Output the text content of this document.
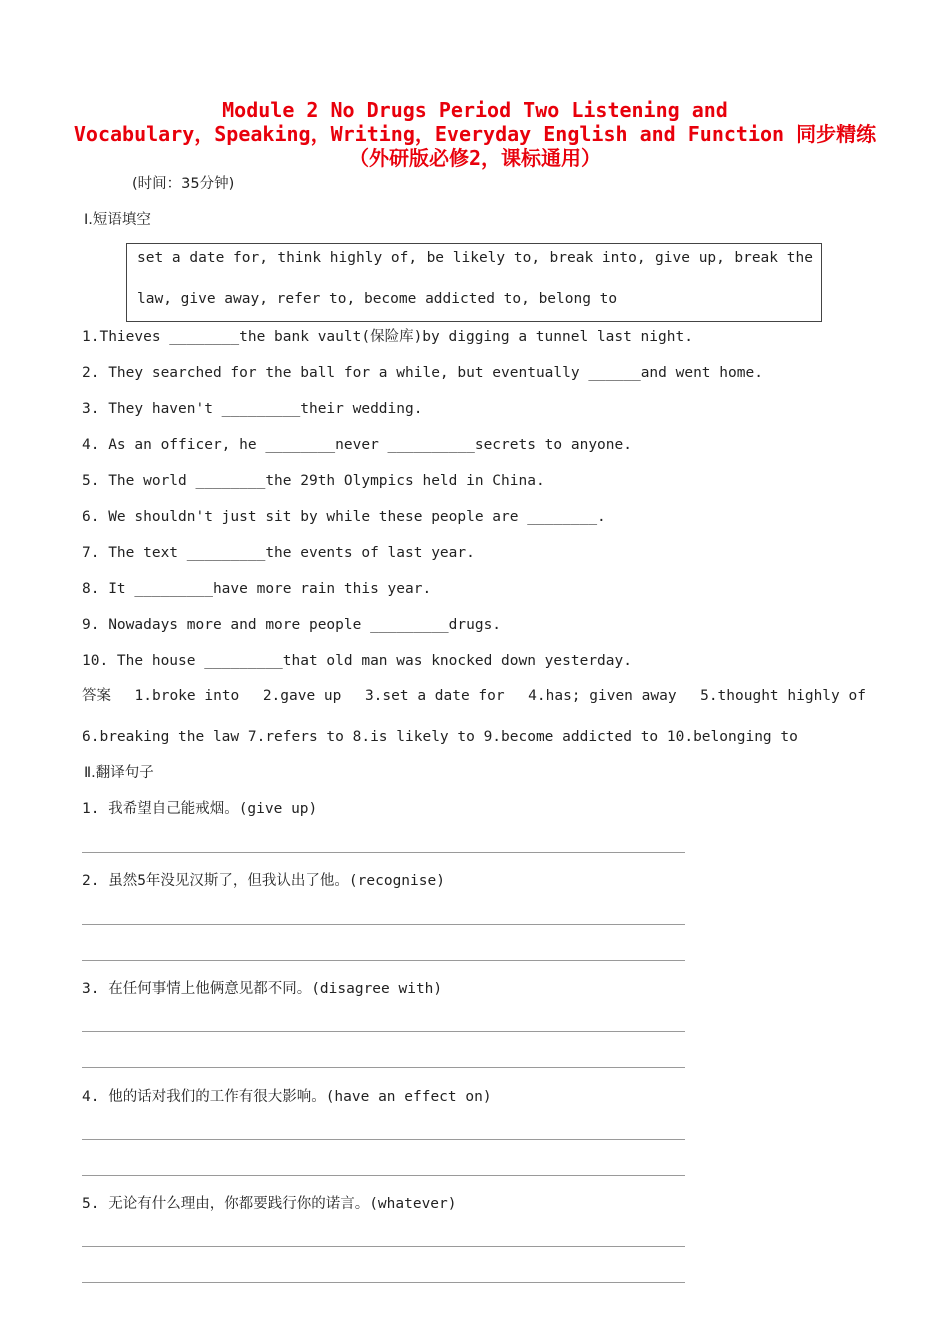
Module 2 No Drugs Period Two Listening and
Vocabulary，Speaking，Writing，Everyday English and Function 同步精练
（外研版必修2，课标通用）
(时间：35分钟)
Ⅰ.短语填空
set a date for, think highly of, be likely to, break into, give up, break the
law, give away, refer to, become addicted to, belong to
1.Thieves ________the bank vault(保险库)by digging a tunnel last night.
2. They searched for the ball for a while, but eventually ______and went home.
3. They haven't _________their wedding.
4. As an officer, he ________never __________secrets to anyone.
5. The world ________the 29th Olympics held in China.
6. We shouldn't just sit by while these people are ________.
7. The text _________the events of last year.
8. It _________have more rain this year.
9. Nowadays more and more people _________drugs.
10. The house _________that old man was knocked down yesterday.
答案 1.broke into 2.gave up 3.set a date for 4.has; given away 5.thought highly of
6.breaking the law 7.refers to 8.is likely to 9.become addicted to 10.belonging to
Ⅱ.翻译句子
1. 我希望自己能戒烟。(give up)
2. 虽然5年没见汉斯了，但我认出了他。(recognise)
3. 在任何事情上他俩意见都不同。(disagree with)
4. 他的话对我们的工作有很大影响。(have an effect on)
5. 无论有什么理由，你都要践行你的诺言。(whatever)
